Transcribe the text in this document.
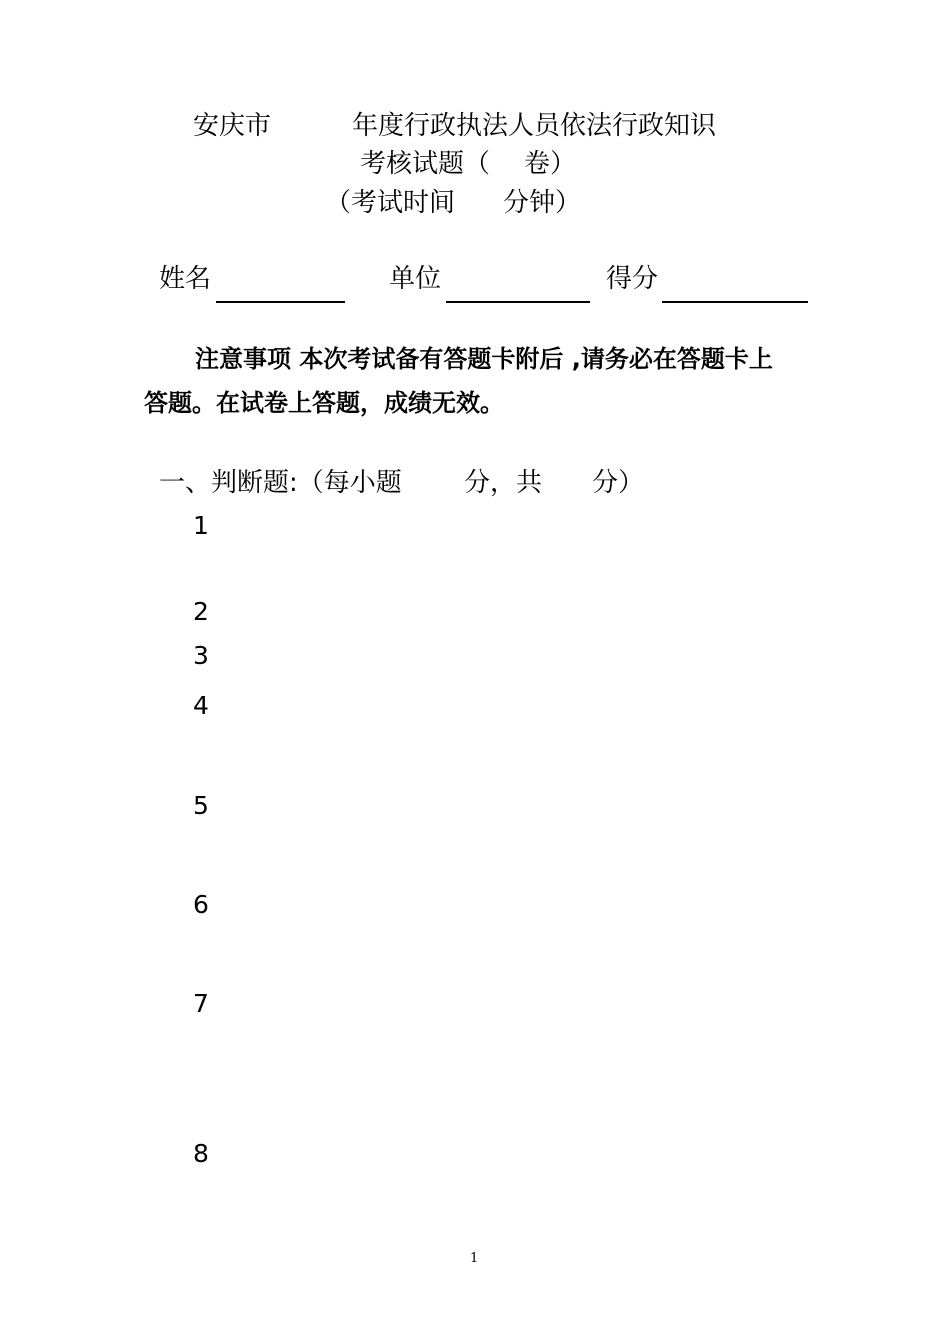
安庆市	年度行政执法人员依法行政知识
考核试题（ 卷）
（考试时间 分钟）
姓名	单位	得分
注意事项 本次考试备有答题卡附后 ,请务必在答题卡上
答题。在试卷上答题，成绩无效。
一、判断题:（每小题 分，共 分）
1
2
3
4
5
6
7
8
1
